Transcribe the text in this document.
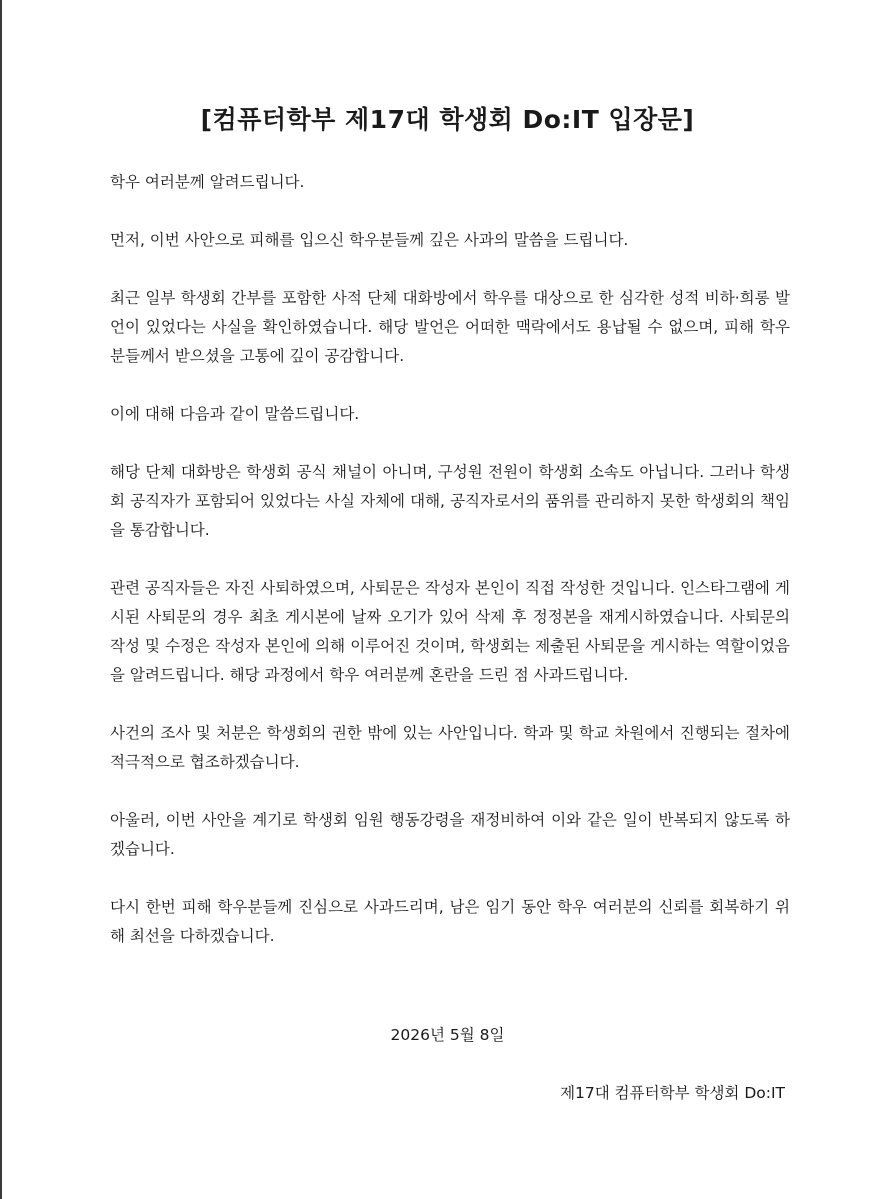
[컴퓨터학부 제17대 학생회 Do:IT 입장문]

학우 여러분께 알려드립니다.

먼저, 이번 사안으로 피해를 입으신 학우분들께 깊은 사과의 말씀을 드립니다.

최근 일부 학생회 간부를 포함한 사적 단체 대화방에서 학우를 대상으로 한 심각한 성적 비하·희롱 발언이 있었다는 사실을 확인하였습니다. 해당 발언은 어떠한 맥락에서도 용납될 수 없으며, 피해 학우분들께서 받으셨을 고통에 깊이 공감합니다.

이에 대해 다음과 같이 말씀드립니다.

해당 단체 대화방은 학생회 공식 채널이 아니며, 구성원 전원이 학생회 소속도 아닙니다. 그러나 학생회 공직자가 포함되어 있었다는 사실 자체에 대해, 공직자로서의 품위를 관리하지 못한 학생회의 책임을 통감합니다.

관련 공직자들은 자진 사퇴하였으며, 사퇴문은 작성자 본인이 직접 작성한 것입니다. 인스타그램에 게시된 사퇴문의 경우 최초 게시본에 날짜 오기가 있어 삭제 후 정정본을 재게시하였습니다. 사퇴문의 작성 및 수정은 작성자 본인에 의해 이루어진 것이며, 학생회는 제출된 사퇴문을 게시하는 역할이었음을 알려드립니다. 해당 과정에서 학우 여러분께 혼란을 드린 점 사과드립니다.

사건의 조사 및 처분은 학생회의 권한 밖에 있는 사안입니다. 학과 및 학교 차원에서 진행되는 절차에 적극적으로 협조하겠습니다.

아울러, 이번 사안을 계기로 학생회 임원 행동강령을 재정비하여 이와 같은 일이 반복되지 않도록 하겠습니다.

다시 한번 피해 학우분들께 진심으로 사과드리며, 남은 임기 동안 학우 여러분의 신뢰를 회복하기 위해 최선을 다하겠습니다.

2026년 5월 8일
제17대 컴퓨터학부 학생회 Do:IT
